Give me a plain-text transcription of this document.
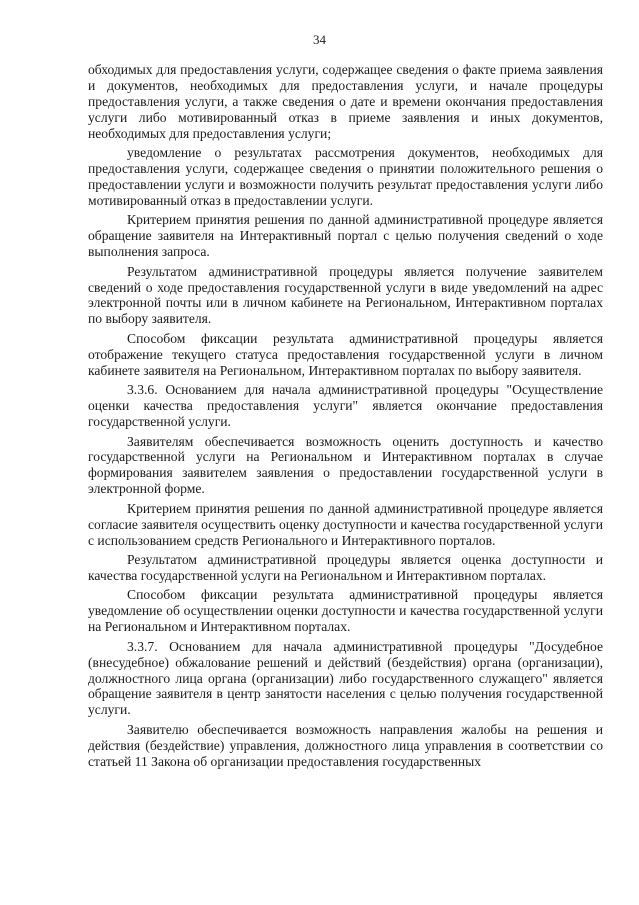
34

обходимых для предоставления услуги, содержащее сведения о факте приема заявления и документов, необходимых для предоставления услуги, и начале процедуры предоставления услуги, а также сведения о дате и времени окончания предоставления услуги либо мотивированный отказ в приеме заявления и иных документов, необходимых для предоставления услуги;

уведомление о результатах рассмотрения документов, необходимых для предоставления услуги, содержащее сведения о принятии положительного решения о предоставлении услуги и возможности получить результат предоставления услуги либо мотивированный отказ в предоставлении услуги.

Критерием принятия решения по данной административной процедуре является обращение заявителя на Интерактивный портал с целью получения сведений о ходе выполнения запроса.

Результатом административной процедуры является получение заявителем сведений о ходе предоставления государственной услуги в виде уведомлений на адрес электронной почты или в личном кабинете на Региональном, Интерактивном порталах по выбору заявителя.

Способом фиксации результата административной процедуры является отображение текущего статуса предоставления государственной услуги в личном кабинете заявителя на Региональном, Интерактивном порталах по выбору заявителя.

3.3.6. Основанием для начала административной процедуры "Осуществление оценки качества предоставления услуги" является окончание предоставления государственной услуги.

Заявителям обеспечивается возможность оценить доступность и качество государственной услуги на Региональном и Интерактивном порталах в случае формирования заявителем заявления о предоставлении государственной услуги в электронной форме.

Критерием принятия решения по данной административной процедуре является согласие заявителя осуществить оценку доступности и качества государственной услуги с использованием средств Регионального и Интерактивного порталов.

Результатом административной процедуры является оценка доступности и качества государственной услуги на Региональном и Интерактивном порталах.

Способом фиксации результата административной процедуры является уведомление об осуществлении оценки доступности и качества государственной услуги на Региональном и Интерактивном порталах.

3.3.7. Основанием для начала административной процедуры "Досудебное (внесудебное) обжалование решений и действий (бездействия) органа (организации), должностного лица органа (организации) либо государственного служащего" является обращение заявителя в центр занятости населения с целью получения государственной услуги.

Заявителю обеспечивается возможность направления жалобы на решения и действия (бездействие) управления, должностного лица управления в соответствии со статьей 11 Закона об организации предоставления государственных
